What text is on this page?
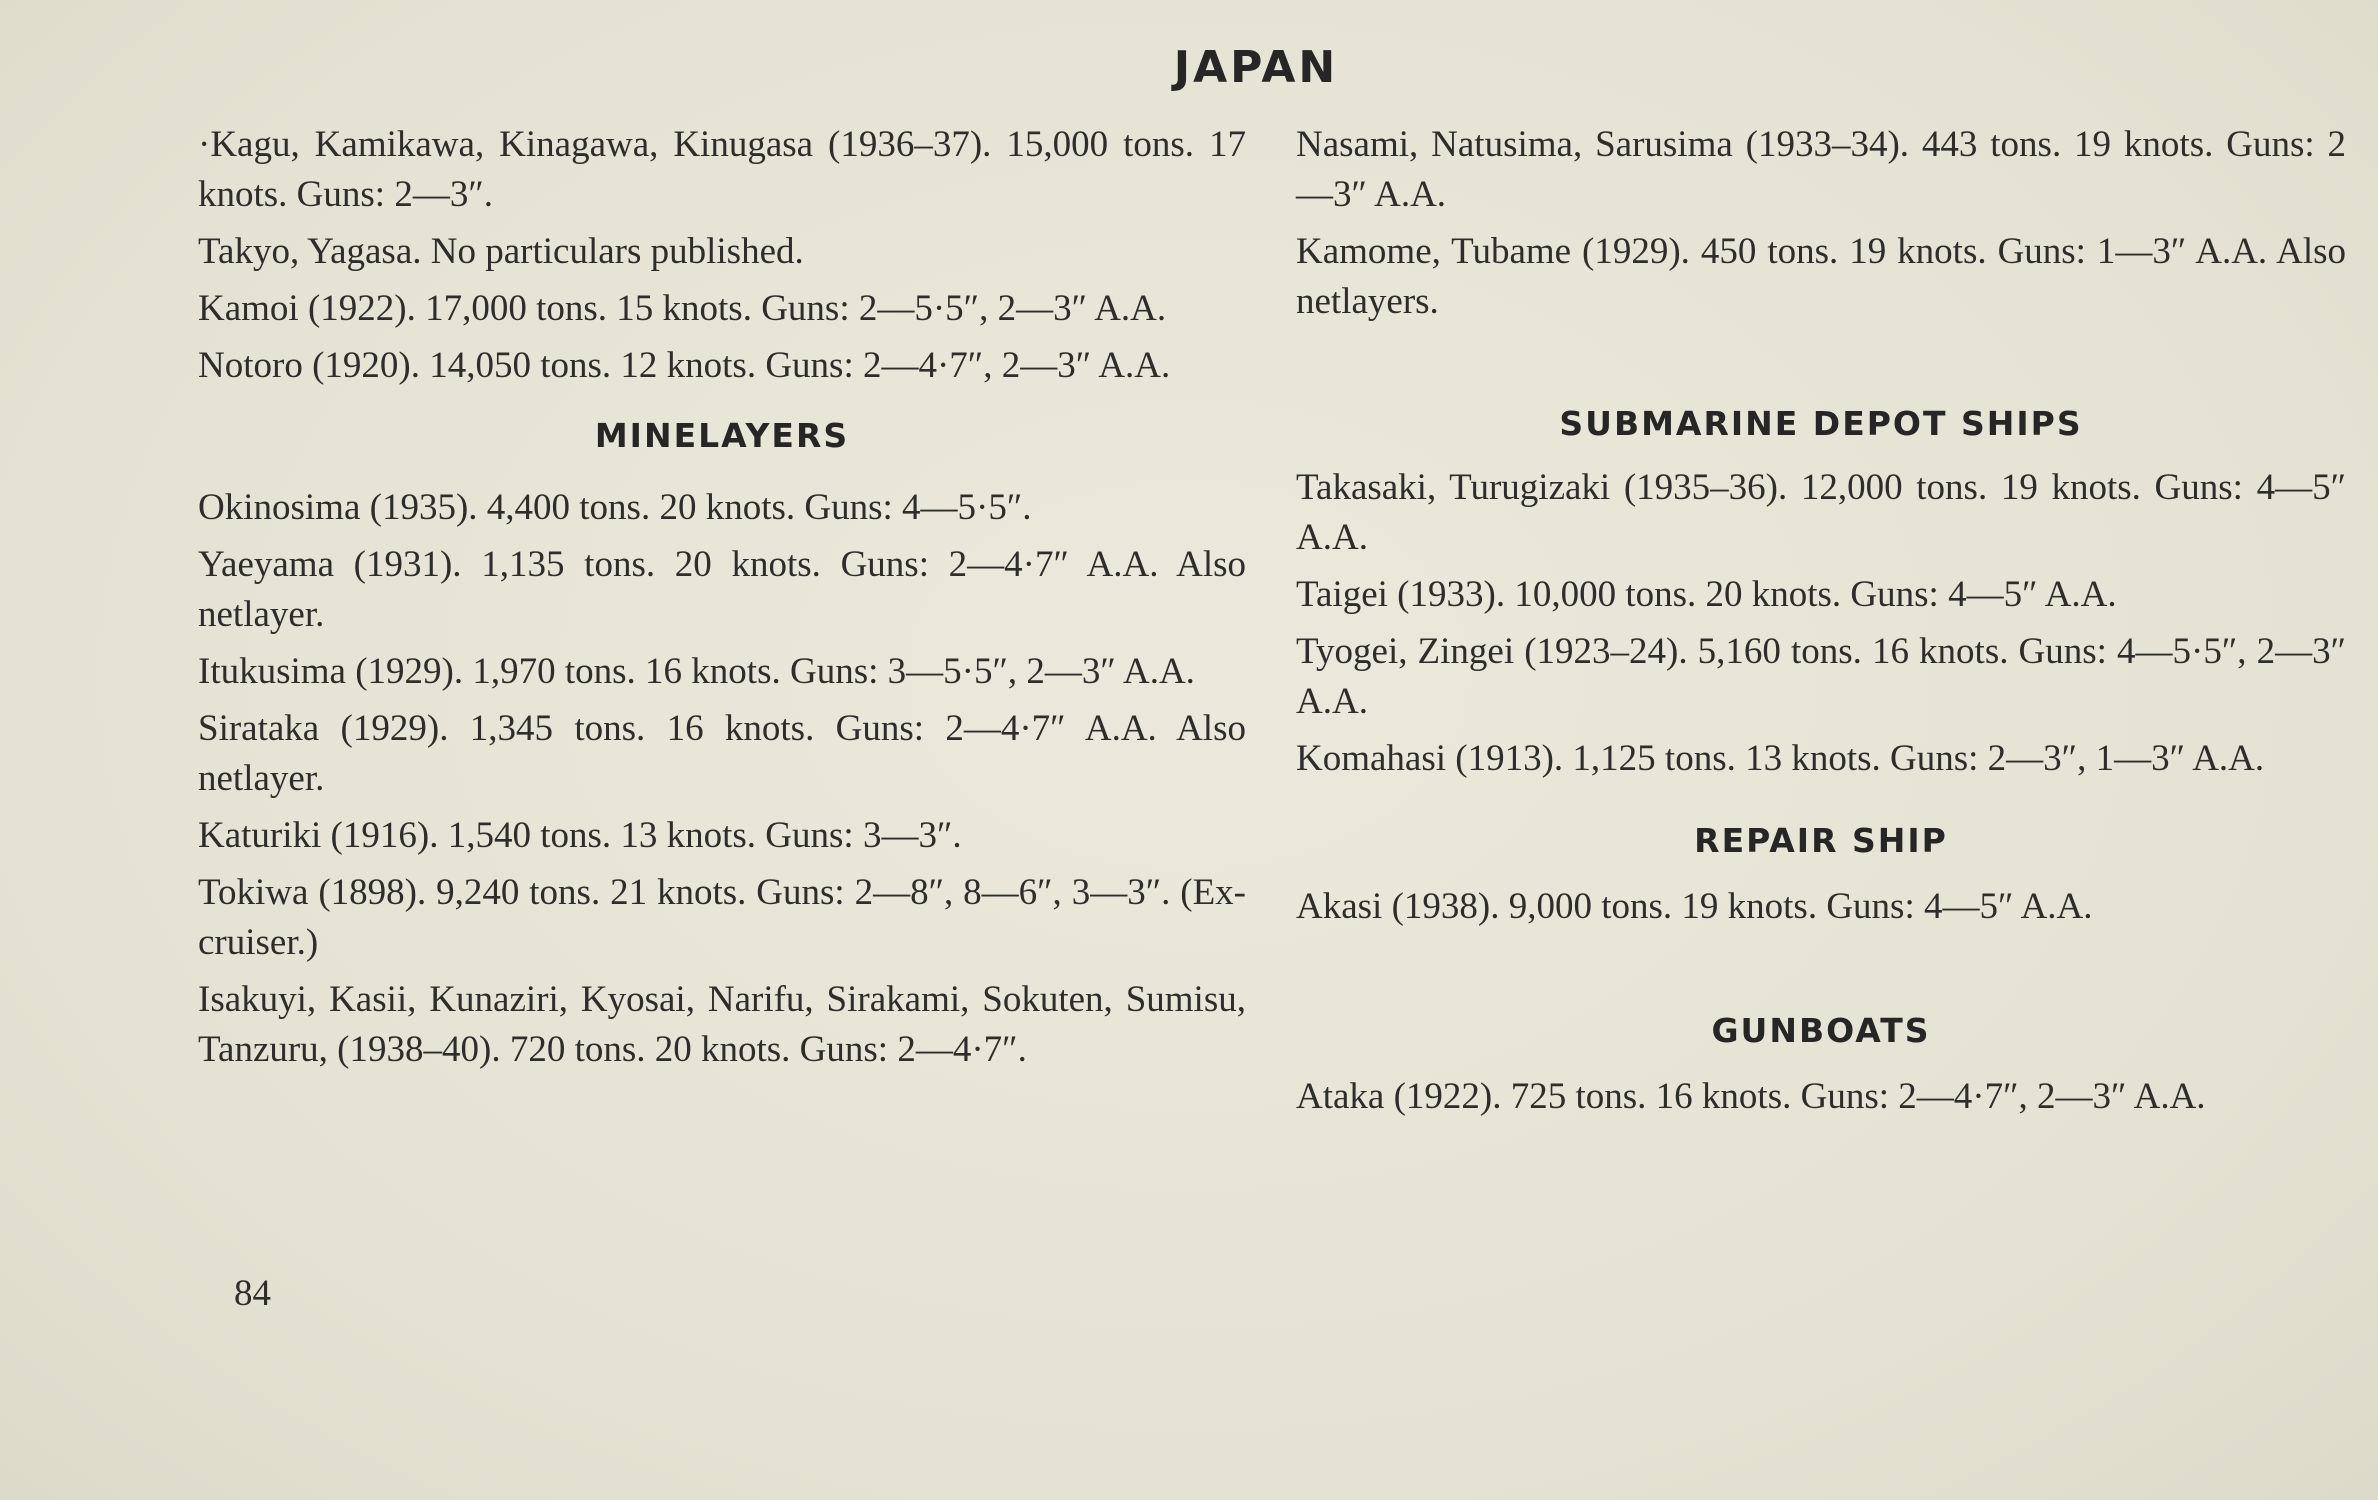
JAPAN

·Kagu, Kamikawa, Kinagawa, Kinugasa (1936–37). 15,000 tons. 17 knots. Guns: 2—3″.

Takyo, Yagasa. No particulars published.

Kamoi (1922). 17,000 tons. 15 knots. Guns: 2—5·5″, 2—3″ A.A.

Notoro (1920). 14,050 tons. 12 knots. Guns: 2—4·7″, 2—3″ A.A.

MINELAYERS

Okinosima (1935). 4,400 tons. 20 knots. Guns: 4—5·5″.

Yaeyama (1931). 1,135 tons. 20 knots. Guns: 2—4·7″ A.A. Also netlayer.

Itukusima (1929). 1,970 tons. 16 knots. Guns: 3—5·5″, 2—3″ A.A.

Sirataka (1929). 1,345 tons. 16 knots. Guns: 2—4·7″ A.A. Also netlayer.

Katuriki (1916). 1,540 tons. 13 knots. Guns: 3—3″.

Tokiwa (1898). 9,240 tons. 21 knots. Guns: 2—8″, 8—6″, 3—3″. (Ex-cruiser.)

Isakuyi, Kasii, Kunaziri, Kyosai, Narifu, Sirakami, Sokuten, Sumisu, Tanzuru, (1938–40). 720 tons. 20 knots. Guns: 2—4·7″.

84

Nasami, Natusima, Sarusima (1933–34). 443 tons. 19 knots. Guns: 2—3″ A.A.

Kamome, Tubame (1929). 450 tons. 19 knots. Guns: 1—3″ A.A. Also netlayers.

SUBMARINE DEPOT SHIPS

Takasaki, Turugizaki (1935–36). 12,000 tons. 19 knots. Guns: 4—5″ A.A.

Taigei (1933). 10,000 tons. 20 knots. Guns: 4—5″ A.A.

Tyogei, Zingei (1923–24). 5,160 tons. 16 knots. Guns: 4—5·5″, 2—3″ A.A.

Komahasi (1913). 1,125 tons. 13 knots. Guns: 2—3″, 1—3″ A.A.

REPAIR SHIP

Akasi (1938). 9,000 tons. 19 knots. Guns: 4—5″ A.A.

GUNBOATS

Ataka (1922). 725 tons. 16 knots. Guns: 2—4·7″, 2—3″ A.A.
